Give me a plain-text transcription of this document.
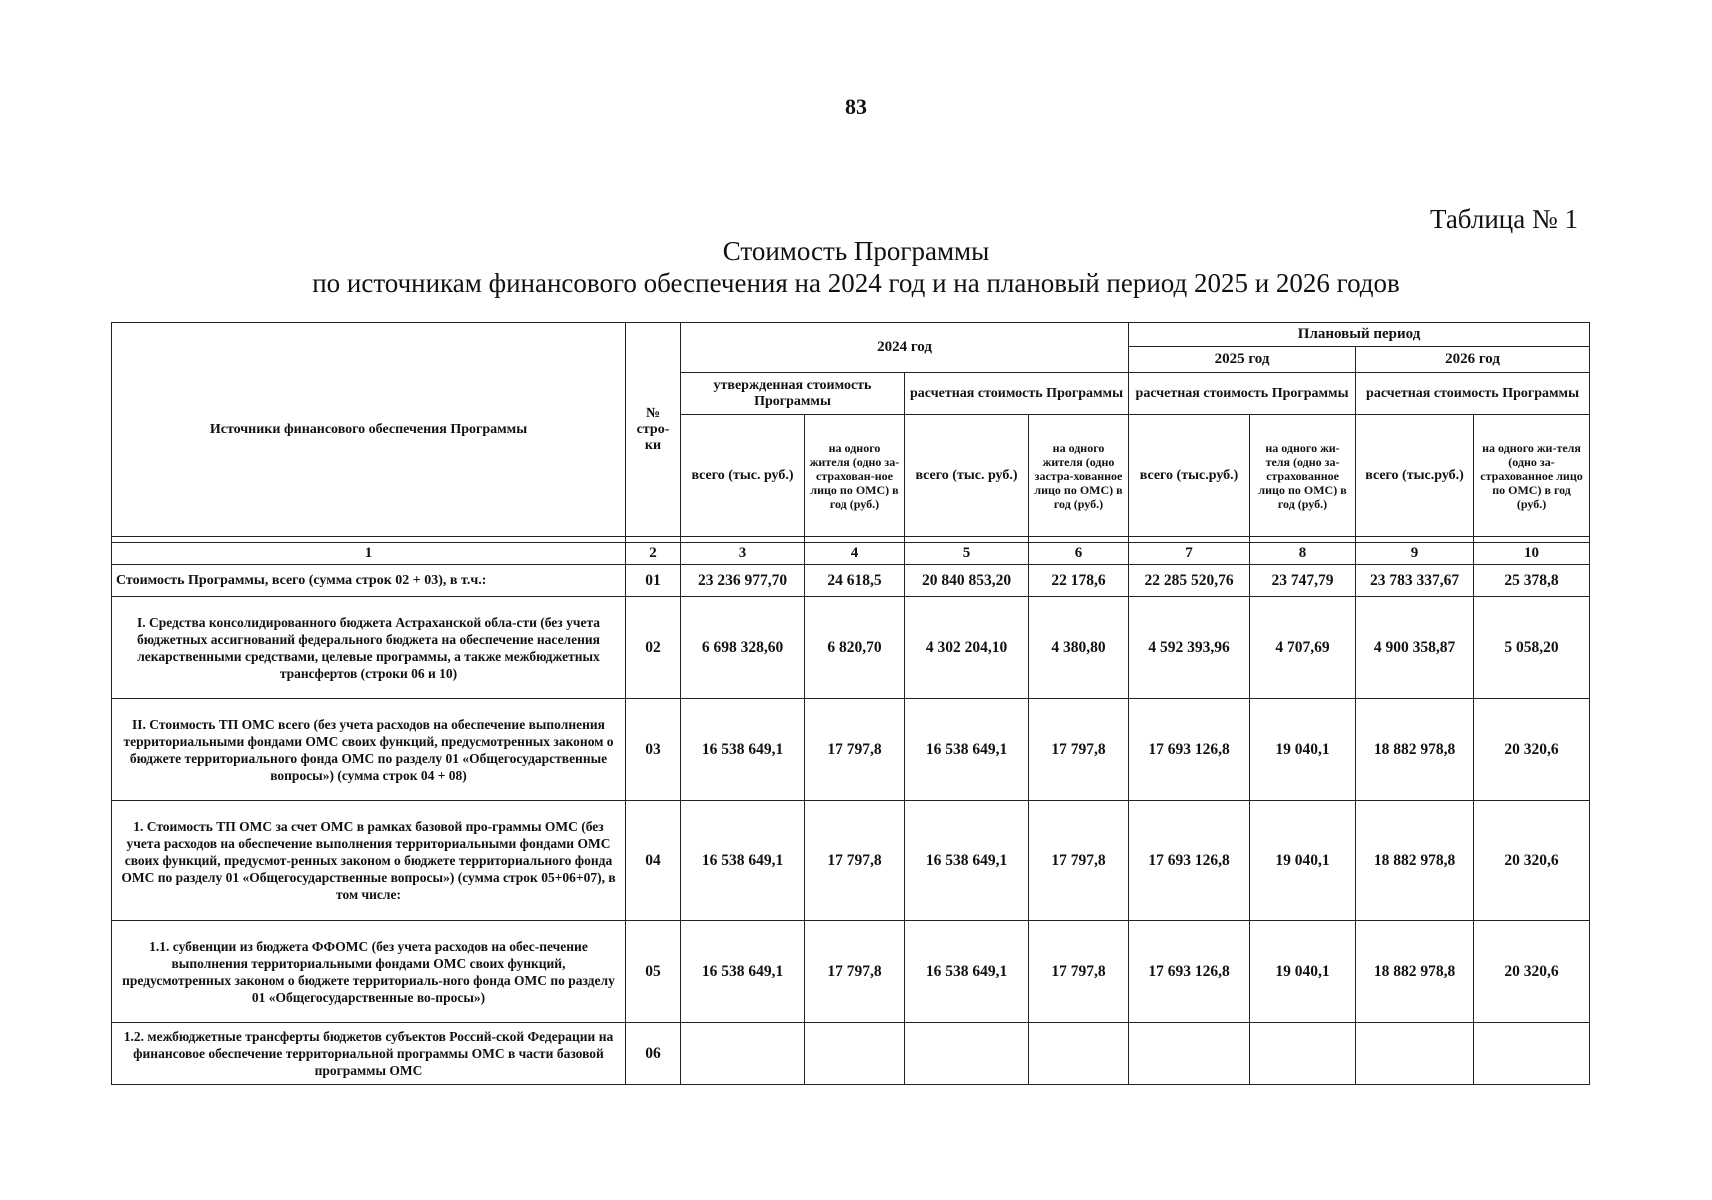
83
Таблица № 1
Стоимость Программы
по источникам финансового обеспечения на 2024 год и на плановый период 2025 и 2026 годов
Источники финансового обеспечения Программы	№ стро-ки	2024 год				Плановый период			
						2025 год		2026 год	
		утвержденная стоимость Программы		расчетная стоимость Программы		расчетная стоимость Программы		расчетная стоимость Программы	
		всего (тыс. руб.)	на одного жителя (одно за-страхован-ное лицо по ОМС) в год (руб.)	всего (тыс. руб.)	на одного жителя (одно застра-хованное лицо по ОМС) в год (руб.)	всего (тыс.руб.)	на одного жи-теля (одно за-страхованное лицо по ОМС) в год (руб.)	всего (тыс.руб.)	на одного жи-теля (одно за-страхованное лицо по ОМС) в год (руб.)

1	2	3	4	5	6	7	8	9	10
Стоимость Программы, всего (сумма строк 02 + 03), в т.ч.:	01	23 236 977,70	24 618,5	20 840 853,20	22 178,6	22 285 520,76	23 747,79	23 783 337,67	25 378,8
I. Средства консолидированного бюджета Астраханской обла-сти (без учета бюджетных ассигнований федерального бюджета на обеспечение населения лекарственными средствами, целевые программы, а также межбюджетных трансфертов (строки 06 и 10)	02	6 698 328,60	6 820,70	4 302 204,10	4 380,80	4 592 393,96	4 707,69	4 900 358,87	5 058,20
II. Стоимость ТП ОМС всего (без учета расходов на обеспечение выполнения территориальными фондами ОМС своих функций, предусмотренных законом о бюджете территориального фонда ОМС по разделу 01 «Общегосударственные вопросы») (сумма строк 04 + 08)	03	16 538 649,1	17 797,8	16 538 649,1	17 797,8	17 693 126,8	19 040,1	18 882 978,8	20 320,6
1. Стоимость ТП ОМС за счет ОМС в рамках базовой про-граммы ОМС (без учета расходов на обеспечение выполнения территориальными фондами ОМС своих функций, предусмот-ренных законом о бюджете территориального фонда ОМС по разделу 01 «Общегосударственные вопросы») (сумма строк 05+06+07), в том числе:	04	16 538 649,1	17 797,8	16 538 649,1	17 797,8	17 693 126,8	19 040,1	18 882 978,8	20 320,6
1.1. субвенции из бюджета ФФОМС (без учета расходов на обес-печение выполнения территориальными фондами ОМС своих функций, предусмотренных законом о бюджете территориаль-ного фонда ОМС по разделу 01 «Общегосударственные во-просы»)	05	16 538 649,1	17 797,8	16 538 649,1	17 797,8	17 693 126,8	19 040,1	18 882 978,8	20 320,6
1.2. межбюджетные трансферты бюджетов субъектов Россий-ской Федерации на финансовое обеспечение территориальной программы ОМС в части базовой программы ОМС	06								
